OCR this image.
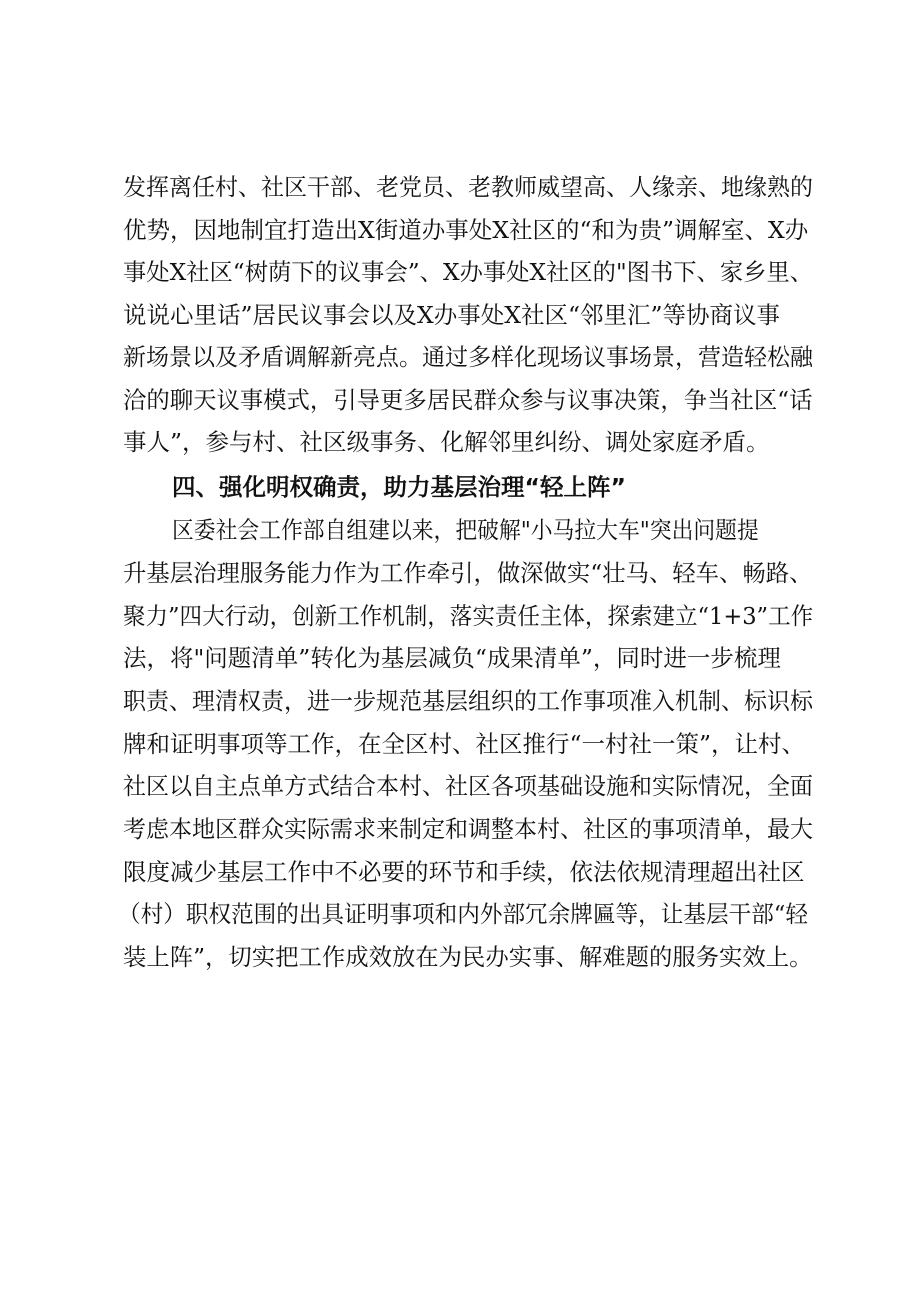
发挥离任村、社区干部、老党员、老教师威望高、人缘亲、地缘熟的
优势，因地制宜打造出X街道办事处X社区的“和为贵”调解室、X办
事处X社区“树荫下的议事会”、X办事处X社区的"图书下、家乡里、
说说心里话”居民议事会以及X办事处X社区“邻里汇”等协商议事
新场景以及矛盾调解新亮点。通过多样化现场议事场景，营造轻松融
洽的聊天议事模式，引导更多居民群众参与议事决策，争当社区“话
事人”，参与村、社区级事务、化解邻里纠纷、调处家庭矛盾。
四、强化明权确责，助力基层治理“轻上阵”
区委社会工作部自组建以来，把破解"小马拉大车"突出问题提
升基层治理服务能力作为工作牵引，做深做实“壮马、轻车、畅路、
聚力”四大行动，创新工作机制，落实责任主体，探索建立“1+3”工作
法，将"问题清单”转化为基层减负“成果清单”，同时进一步梳理
职责、理清权责，进一步规范基层组织的工作事项准入机制、标识标
牌和证明事项等工作，在全区村、社区推行“一村社一策”，让村、
社区以自主点单方式结合本村、社区各项基础设施和实际情况，全面
考虑本地区群众实际需求来制定和调整本村、社区的事项清单，最大
限度减少基层工作中不必要的环节和手续，依法依规清理超出社区
（村）职权范围的出具证明事项和内外部冗余牌匾等，让基层干部“轻
装上阵”，切实把工作成效放在为民办实事、解难题的服务实效上。
